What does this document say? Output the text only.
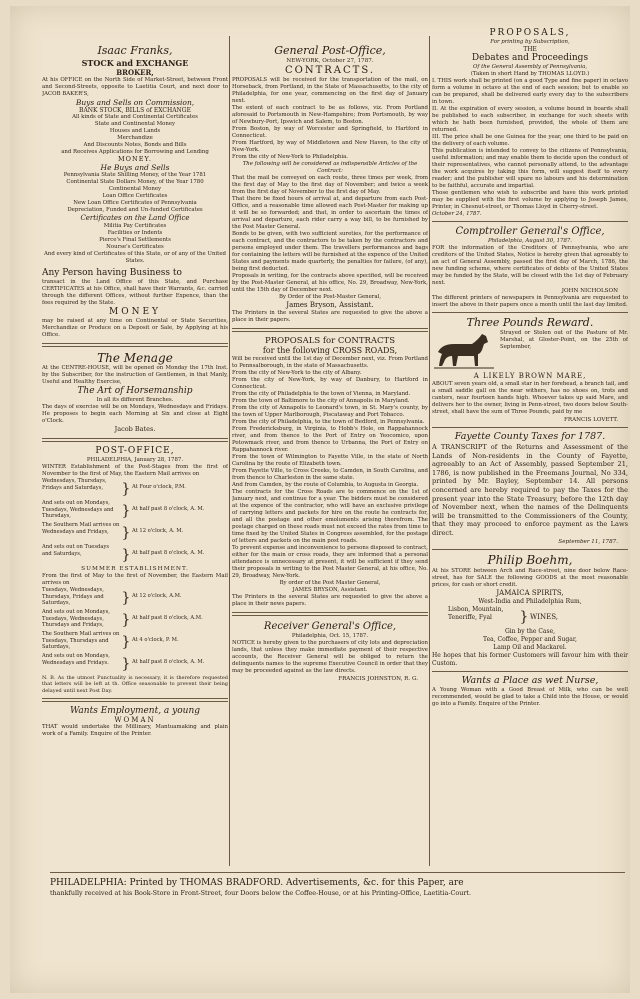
Isaac Franks,

STOCK and EXCHANGE

BROKER,

At his OFFICE on the North Side of Market-Street, between Front and Second-Streets, opposite to Laetitia Court, and next door to JACOB BAKER'S,

Buys and Sells on Commission,

BANK STOCK, BILLS of EXCHANGE

All kinds of State and Continental Certificates

State and Continental Money

Houses and Lands

Merchandize

And Discounts Notes, Bonds and Bills

and Receives Applications for Borrowing and Lending

MONEY.

He Buys and Sells

Pennsylvania State Shilling Money, of the Year 1781

Continental State Dollars Money, of the Year 1780

Continental Money

Loan Office Certificates

New Loan Office Certificates of Pennsylvania

Depreciation, Funded and Un-funded Certificates

Certificates on the Land Office

Militia Pay Certificates

Facilities or Indents

Pierce's Final Settlements

Nourse's Certificates

And every kind of Certificates of this State, or of any of the United States.

Any Person having Business to

transact in the Land Office of this State, and Purchase CERTIFICATES at his Office, shall have their Warrants, &c. carried through the different Offices, without further Expence, than the fees required by the State.

MONEY

may be raised at any time on Continental or State Securities, Merchandize or Produce on a Deposit or Sale, by Applying at his Office.

The Menage

At the CENTRE-HOUSE, will be opened on Monday the 17th Inst. by the Subscriber, for the instruction of Gentlemen, in that Manly, Useful and Healthy Exercise,

The Art of Horsemanship

In all its different Branches.

The days of exercise will be on Mondays, Wednesdays and Fridays. He proposes to begin each Morning at Six and close at Eight o'Clock.

Jacob Bates.

POST-OFFICE,

PHILADELPHIA, January 28, 1787.

WINTER Establishment of the Post-Stages from the first of November to the first of May, the Eastern Mail arrives on

Wednesdays, Thursdays, Fridays and Saturdays,	} At Four o'clock, P.M.
And sets out on Mondays, Tuesdays, Wednesdays and Thursdays,	} At half past 8 o'clock, A. M.
The Southern Mail arrives on Wednesdays and Fridays, } At 12 o'clock, A. M.
And sets out on Tuesdays and Saturdays,	} At half past 8 o'clock, A. M.

SUMMER ESTABLISHMENT.

From the first of May to the first of November, the Eastern Mail arrives on

Tuesdays, Wednesdays, Thursdays, Fridays and Saturdays,	} At 12 o'clock, A.M.
And sets out on Mondays, Tuesdays, Wednesdays, Thursdays and Fridays,	} At half past 8 o'clock, A.M.
The Southern Mail arrives on Tuesdays, Thursdays and Saturdays,	} At 4 o'clock, P. M.
And sets out on Mondays, Wednesdays and Fridays. } At half past 8 o'clock, A. M.

N. B. As the utmost Punctuality is necessary, it is therefore requested that letters will be left at th. Office seasonable to prevent their being delayed until next Post Day.

Wants Employment, a young

WOMAN

THAT would undertake the Millinary, Mantuamaking and plain work of a Family. Enquire of the Printer.

General Post-Office,

NEW-YORK, October 27, 1787.

CONTRACTS.

PROPOSALS will be received for the transportation of the mail, on Horseback, from Portland, in the State of Massachusetts, to the city of Philadelphia, for one year, commencing on the first day of January next.

The extent of each contract to be as follows, viz. From Portland aforesaid to Portsmouth in New-Hampshire; from Portsmouth, by way of Newbury-Port, Ipswich and Salem, to Boston.

From Boston, by way of Worcester and Springfield, to Hartford in Connecticut.

From Hartford, by way of Middletown and New Haven, to the city of New-York.

From the city of New-York to Philadelphia.

The following will be considered as indispensible Articles of the Contract:

That the mail be conveyed on each route, three times per week, from the first day of May to the first day of November; and twice a week from the first day of November to the first day of May.

That there be fixed hours of arrival at, and departure from each Post-Office, and a reasonable time allowed each Post-Master for making up it will be so forwarded; and that, in order to ascertain the times of arrival and departure, each rider carry a way bill, to be furnished by the Post Master General.

Bonds to be given, with two sufficient sureties, for the performance of each contract, and the contractors to be taken by the contractors and persons employed under them. The travellers performances and bags for containing the letters will be furnished at the expence of the United States and payments made quarterly, the penalties for failure, (of any), being first deducted.

Proposals in writing, for the contracts above specified, will be received by the Post-Master General, at his office, No. 29, Broadway, New-York, until the 15th day of December next.

By Order of the Post-Master General,

James Bryson, Assistant.

The Printers in the several States are requested to give the above a place in their papers.

PROPOSALS for CONTRACTS

for the following CROSS ROADS,

Will be received until the 1st day of December next, viz. From Portland to Pennsalborough, in the state of Massachusetts.

From the city of New-York to the city of Albany.

From the city of New-York, by way of Danbury, to Hartford in Connecticut.

From the city of Philadelphia to the town of Vienna, in Maryland.

From the town of Baltimore to the city of Annapolis in Maryland.

From the city of Annapolis to Leonard's town, in St. Mary's county, by the town of Upper Marlborough, Piscataway and Port Tobacco.

From the city of Philadelphia, to the town of Bedford, in Pennsylvania.

From Fredericksburg, in Virginia, to Hobb's Hole, on Rappahannock river, and from thence to the Port of Entry on Yeocomico, upon Potowmack river, and from thence to Urbanna, the Port of Entry on Rappahannock river.

From the town of Wilmington to Fayette Ville, in the state of North Carolina by the route of Elizabeth town.

From Fayette Ville, to Cross Creeks, to Camden, in South Carolina, and from thence to Charleston in the same state.

And from Camden, by the route of Columbia, to Augusta in Georgia.

The contracts for the Cross Roads are to commence on the 1st of January next, and continue for a year. The bidders must be considered at the expence of the contractor, who will have an exclusive privilege of carrying letters and packets for hire on the route he contracts for, and all the postage and other emoluments arising therefrom. The postage charged on these roads must not exceed the rates from time to time fixed by the United States in Congress assembled, for the postage of letters and packets on the main post roads.

To prevent expense and inconvenience to persons disposed to contract, either for the main or cross roads, they are informed that a personal attendance is unnecessary at present, it will be sufficient if they send their proposals in writing to the Post Master General, at his office, No. 29, Broadway, New-York.

By order of the Post Master General,

JAMES BRYSON, Assistant.

The Printers in the several States are requested to give the above a place in their news papers.

Receiver General's Office,

Philadelphia, Oct. 15, 1787.

NOTICE is hereby given to the purchasers of city lots and depreciation lands, that unless they make immediate payment of their respective accounts, the Receiver General will be obliged to return the delinquents names to the supreme Executive Council in order that they may be proceeded against as the law directs.

FRANCIS JOHNSTON, R. G.

PROPOSALS,

For printing by Subscription,

THE

Debates and Proceedings

Of the General Assembly of Pennsylvania,

(Taken in short Hand by THOMAS LLOYD.)

I. THIS work shall be printed (on a good Type and fine paper) in octavo form a volume in octavo at the end of each session; but to enable so can be prepared, shall be delivered early every day to the subscribers in town.

II. At the expiration of every session, a volume bound in boards shall be published to each subscriber, in exchange for such sheets with which he hath been furnished, provided, the whole of them are returned.

III. The price shall be one Guinea for the year, one third to be paid on the delivery of each volume.

This publication is intended to convey to the citizens of Pennsylvania, useful information; and may enable them to decide upon the conduct of their representatives, who cannot personally attend, to the advantage the work acquires by taking this form, will suggest itself to every reader; and the publisher will spare no labours and his determination to be faithful, accurate and impartial.

Those gentlemen who wish to subscribe and have this work printed may be supplied with the first volume by applying to Joseph James, Printer, in Chesnut-street, or Thomas Lloyd in Cherry-street.

October 24, 1787.

Comptroller General's Office,

Philadelphia, August 30, 1787.

FOR the information of the Creditors of Pennsylvania, who are creditors of the United States, Notice is hereby given that agreeably to an act of General Assembly, passed the first day of March, 1786, the new funding scheme, where certificates of debts of the United States may be funded by the State, will be closed with the 1st day of February next.

JOHN NICHOLSON

The different printers of newspapers in Pennsylvania are requested to insert the above in their papers once a month until the last day limited.

Three Pounds Reward.

Strayed or Stolen out of the Pasture of Mr. Marshal, at Gloster-Point, on the 25th of September,

A LIKELY BROWN MARE,

ABOUT seven years old, a small star in her forehead, a branch tail, and a small saddle gall on the near withers, has no shoes on, trots and canters, near fourteen hands high. Whoever takes up said Mare, and delivers her to the owner, living in Penn-street, two doors below South-street, shall have the sum of Three Pounds, paid by me

FRANCIS LOVETT.

Fayette County Taxes for 1787.

A TRANSCRIPT of the Returns and Assessment of the Lands of Non-residents in the County of Fayette, agreeably to an Act of Assembly, passed September 21, 1786, is now published in the Freemans Journal, No 334, printed by Mr. Bayley, September 14. All persons concerned are hereby required to pay the Taxes for the present year into the State Treasury, before the 12th day of November next, when the names of the Delinquents will be transmitted to the Commissioners of the County, that they may proceed to enforce payment as the Laws direct.

September 11, 1787.

Philip Boehm,

At his STORE between Arch and Race-street, nine door below Race-street, has for SALE the following GOODS at the most reasonable prices, for cash or short credit.

JAMAICA SPIRITS,

West-India and Philadelphia Rum,

Lisbon, Mountain, Teneriffe, Fyal	} WINES,

Gin by the Case,

Tea, Coffee, Pepper and Sugar,

Lamp Oil and Mackarel.

He hopes that his former Customers will favour him with their Custom.

Wants a Place as wet Nurse,

A Young Woman with a Good Breast of Milk, who can be well recommended, would be glad to take a Child into the House, or would go into a Family. Enquire of the Printer.

PHILADELPHIA: Printed by THOMAS BRADFORD. Advertisements, &c. for this Paper, are

thankfully received at his Book-Store in Front-Street, four Doors below the Coffee-House, or at his Printing-Office, Laetitia-Court.
